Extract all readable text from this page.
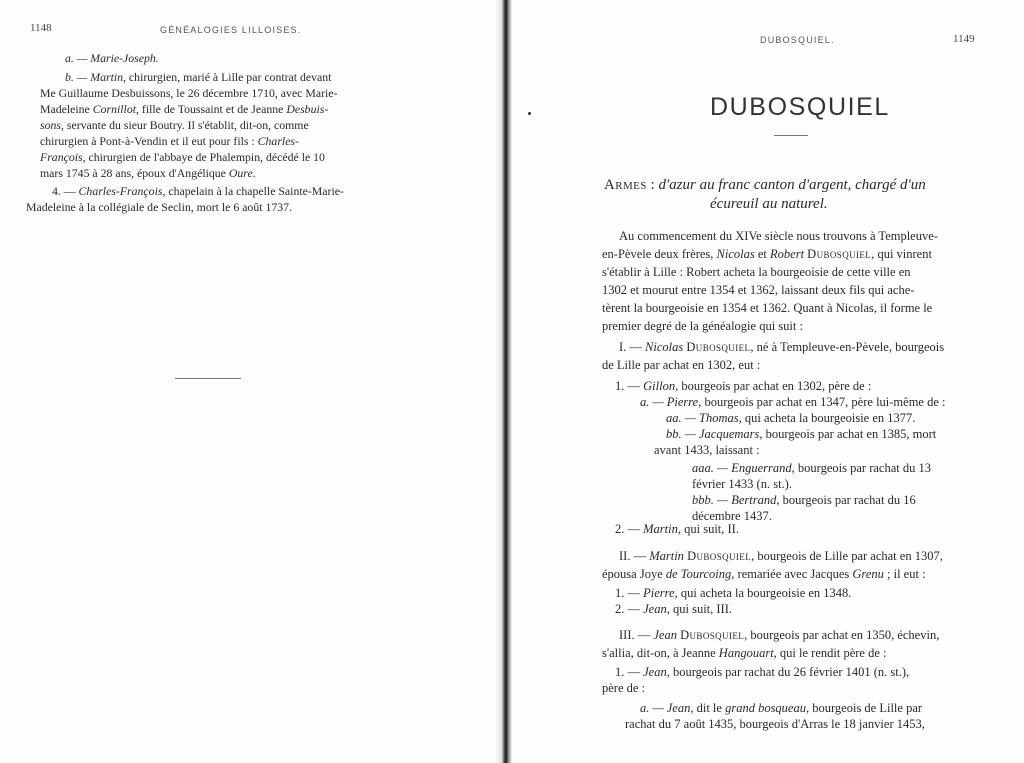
1148	GÉNÉALOGIES LILLOISES.
a. — Marie-Joseph.
b. — Martin, chirurgien, marié à Lille par contrat devant
Me Guillaume Desbuissons, le 26 décembre 1710, avec Marie-
Madeleine Cornillot, fille de Toussaint et de Jeanne Desbuis-
sons, servante du sieur Boutry. Il s'établit, dit-on, comme
chirurgien à Pont-à-Vendin et il eut pour fils : Charles-
François, chirurgien de l'abbaye de Phalempin, décédé le 10
mars 1745 à 28 ans, époux d'Angélique Oure.
4. — Charles-François, chapelain à la chapelle Sainte-Marie-
Madeleine à la collégiale de Seclin, mort le 6 août 1737.
DUBOSQUIEL.	1149
DUBOSQUIEL
Armes : d'azur au franc canton d'argent, chargé d'un
écureuil au naturel.
Au commencement du XIVe siècle nous trouvons à Templeuve-
en-Pèvele deux frères, Nicolas et Robert Dubosquiel, qui vinrent
s'établir à Lille : Robert acheta la bourgeoisie de cette ville en
1302 et mourut entre 1354 et 1362, laissant deux fils qui ache-
tèrent la bourgeoisie en 1354 et 1362. Quant à Nicolas, il forme le
premier degré de la généalogie qui suit :
I. — Nicolas Dubosquiel, né à Templeuve-en-Pèvele, bourgeois
de Lille par achat en 1302, eut :
1. — Gillon, bourgeois par achat en 1302, père de :
a. — Pierre, bourgeois par achat en 1347, père lui-même de :
aa. — Thomas, qui acheta la bourgeoisie en 1377.
bb. — Jacquemars, bourgeois par achat en 1385, mort
avant 1433, laissant :
aaa. — Enguerrand, bourgeois par rachat du 13
février 1433 (n. st.).
bbb. — Bertrand, bourgeois par rachat du 16
décembre 1437.
2. — Martin, qui suit, II.
II. — Martin Dubosquiel, bourgeois de Lille par achat en 1307,
épousa Joye de Tourcoing, remariée avec Jacques Grenu ; il eut :
1. — Pierre, qui acheta la bourgeoisie en 1348.
2. — Jean, qui suit, III.
III. — Jean Dubosquiel, bourgeois par achat en 1350, échevin,
s'allia, dit-on, à Jeanne Hangouart, qui le rendit père de :
1. — Jean, bourgeois par rachat du 26 février 1401 (n. st.),
père de :
a. — Jean, dit le grand bosqueau, bourgeois de Lille par
rachat du 7 août 1435, bourgeois d'Arras le 18 janvier 1453,
